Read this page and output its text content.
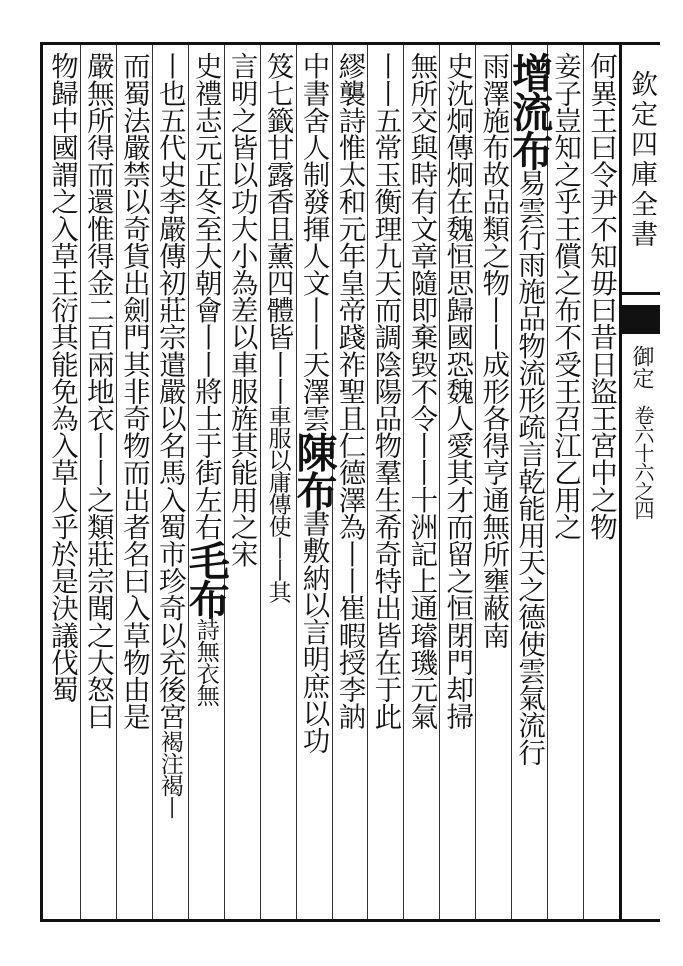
何異王曰令尹不知毋曰昔日盜王宮中之物
妾子豈知之乎王償之布不受王召江乙用之
增流布易雲行雨施品物流形疏言乾能用天之德使雲氣流行
雨澤施布故品類之物丨丨成形各得亨通無所壅蔽南
史沈炯傳炯在魏恒思歸國恐魏人愛其才而留之恒閉門却掃
無所交與時有文章隨即棄毀不令丨丨十洲記上通璿璣元氣
丨丨五常玉衡理九天而調陰陽品物羣生希奇特出皆在于此
繆襲詩惟太和元年皇帝踐祚聖且仁德澤為丨丨崔暇授李訥
中書舍人制發揮人文丨丨天澤雲陳布書敷納以言明庶以功
笈七籤甘露香且薰四體皆丨丨車服以庸傳使丨丨其
言明之皆以功大小為差以車服旌其能用之宋
史禮志元正冬至大朝會丨丨將士于街左右毛布詩無衣無
丨也五代史李嚴傳初莊宗遣嚴以名馬入蜀市珍奇以充後宮褐注褐丨
而蜀法嚴禁以奇貨出劍門其非奇物而出者名曰入草物由是
嚴無所得而還惟得金二百兩地衣丨丨之類莊宗聞之大怒曰
物歸中國謂之入草王衍其能免為入草人乎於是決議伐蜀	欽定四庫全書
御定
卷六十六之四
